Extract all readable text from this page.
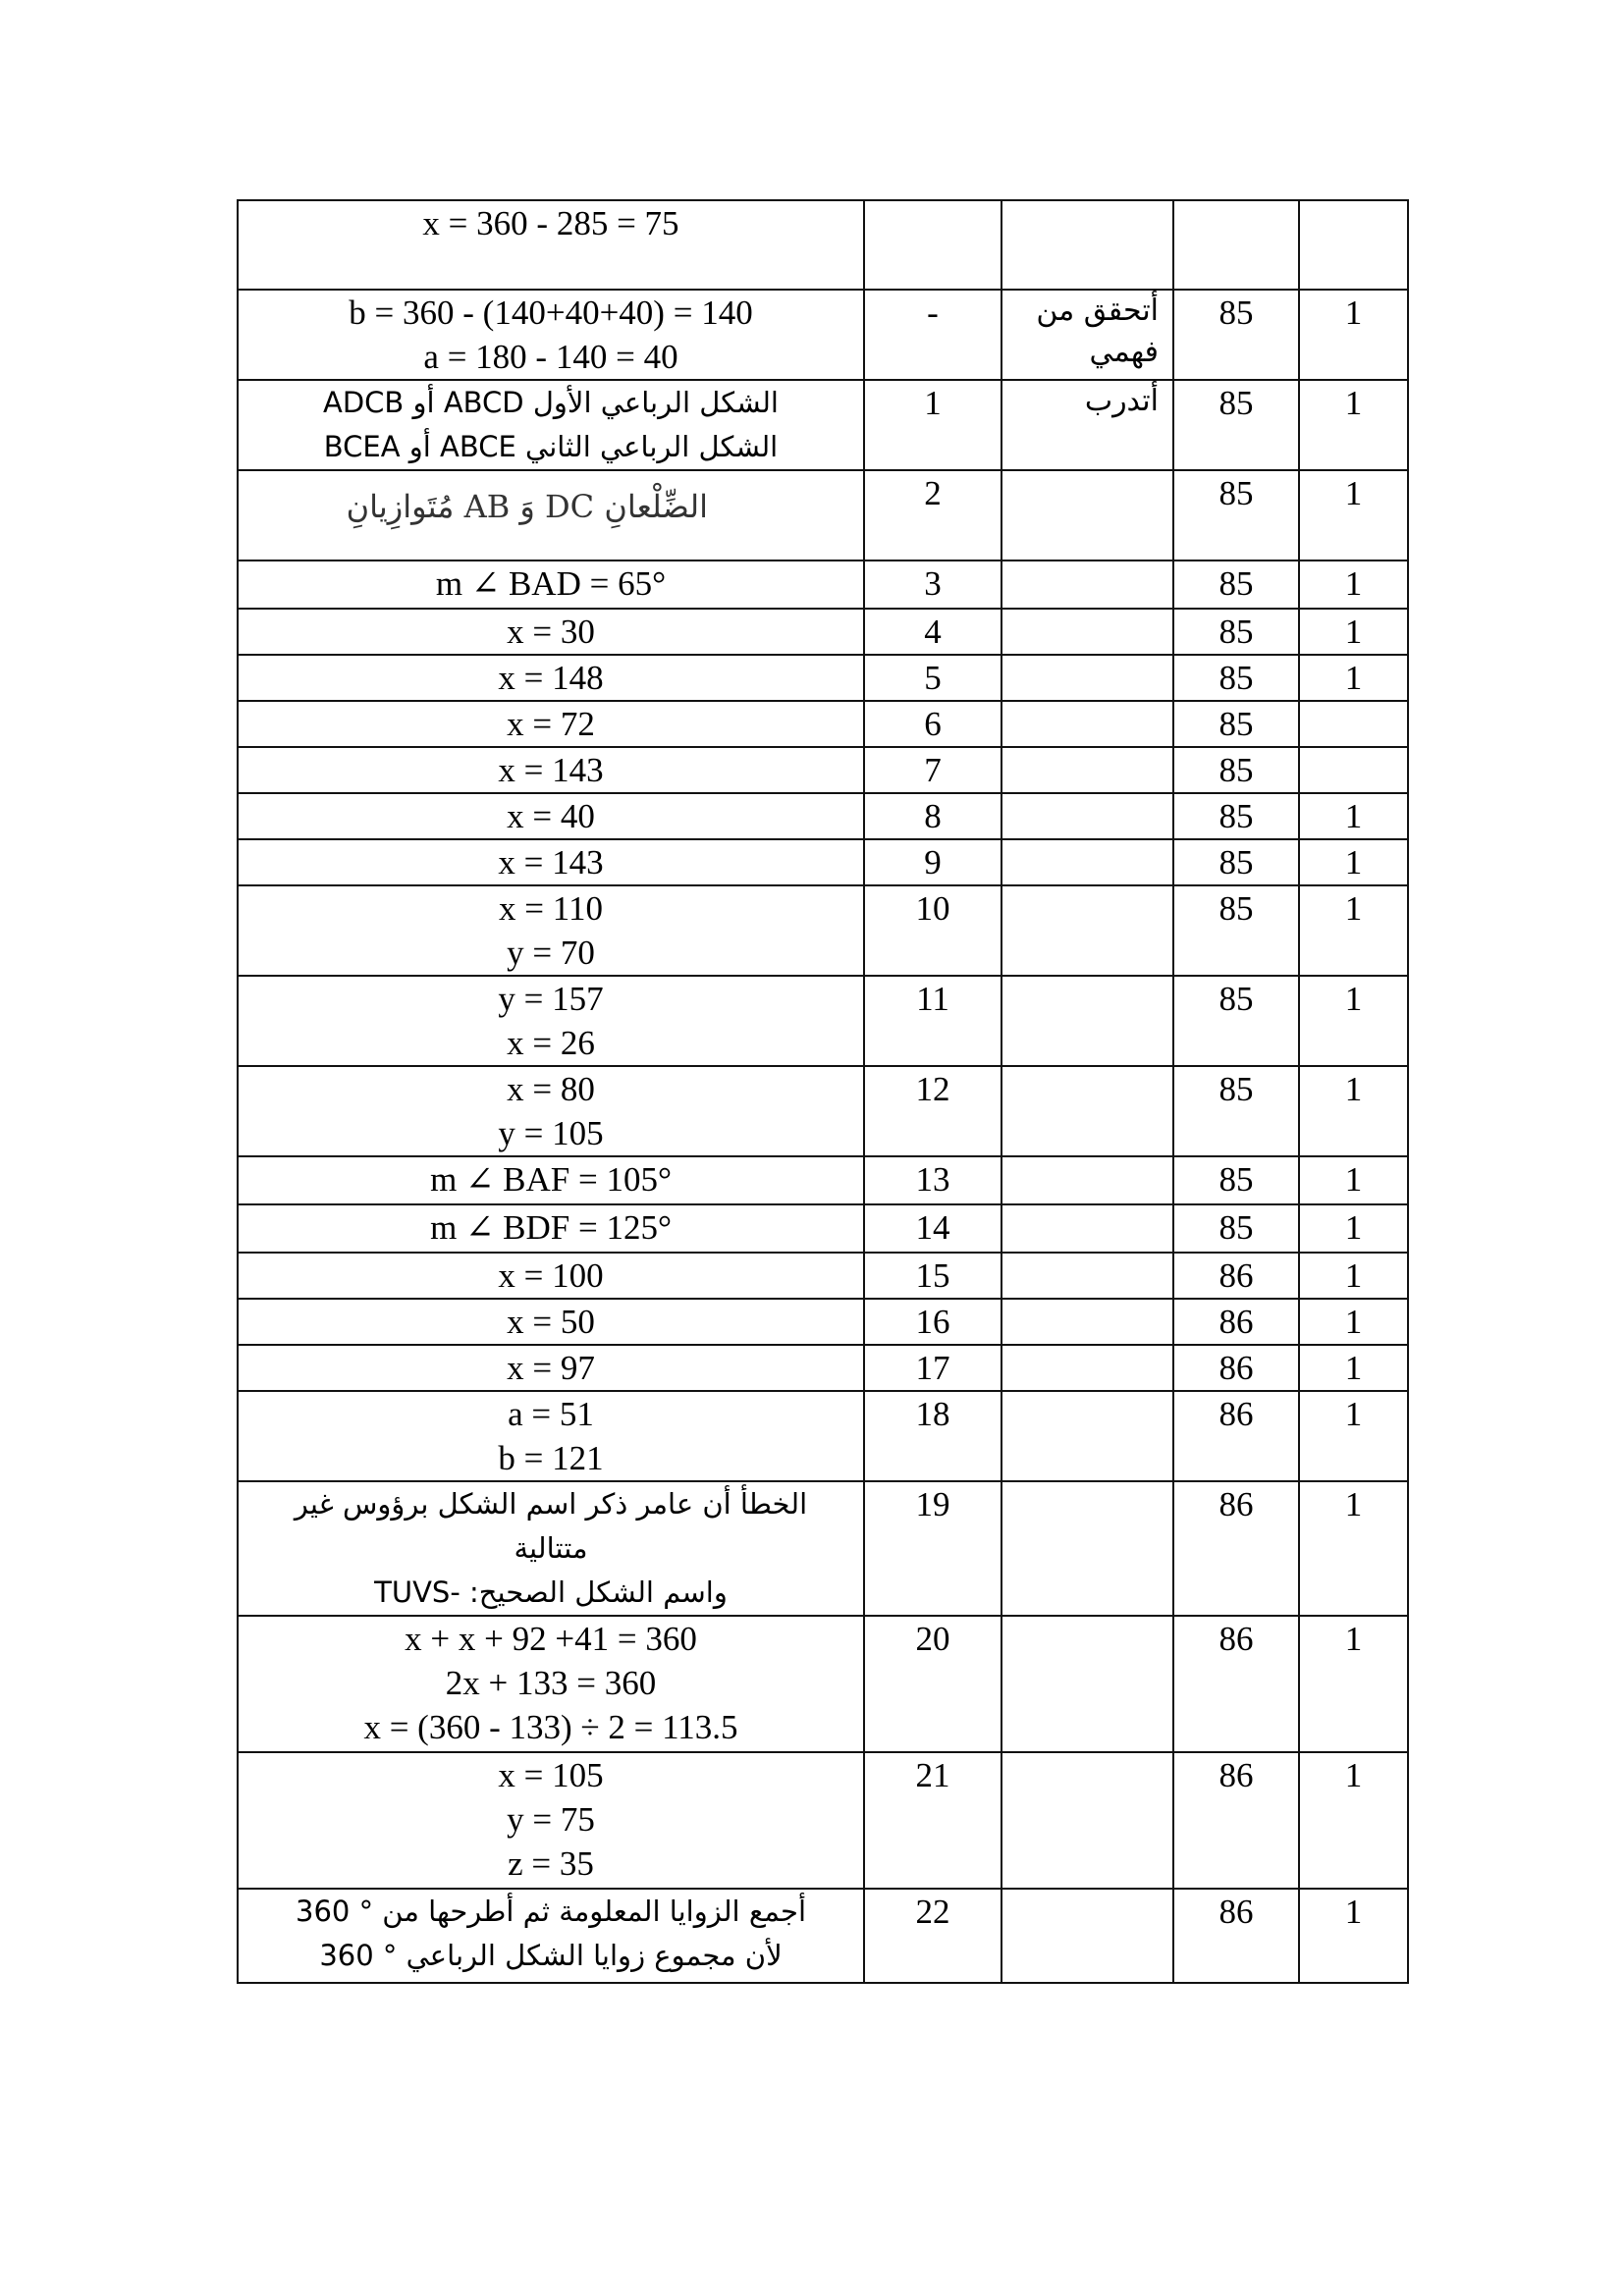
x = 360 - 285 = 75				

b = 360 - (140+40+40) = 140
a = 180 - 140 = 40	-	أتحقق من فهمي	85	1

الشكل الرباعي الأول ABCD أو ADCB
الشكل الرباعي الثاني ABCE أو BCEA	1	أتدرب	85	1

الضِّلْعانِ DC وَ AB مُتَوازِيانِ	2		85	1

m ∠ BAD = 65°	3		85	1

x = 30	4		85	1

x = 148	5		85	1

x = 72	6		85	

x = 143	7		85	

x = 40	8		85	1

x = 143	9		85	1

x = 110
y = 70	10		85	1

y = 157
x = 26	11		85	1

x = 80
y = 105	12		85	1

m ∠ BAF = 105°	13		85	1

m ∠ BDF = 125°	14		85	1

x = 100	15		86	1

x = 50	16		86	1

x = 97	17		86	1

a = 51
b = 121	18		86	1

الخطأ أن عامر ذكر اسم الشكل برؤوس غير متتالية
واسم الشكل الصحيح: -TUVS	19		86	1

x + x + 92 +41 = 360
2x + 133 = 360
x = (360 - 133) ÷ 2 = 113.5	20		86	1

x = 105
y = 75
z = 35	21		86	1

أجمع الزوايا المعلومة ثم أطرحها من ° 360 لأن مجموع زوايا الشكل الرباعي ° 360	22		86	1
